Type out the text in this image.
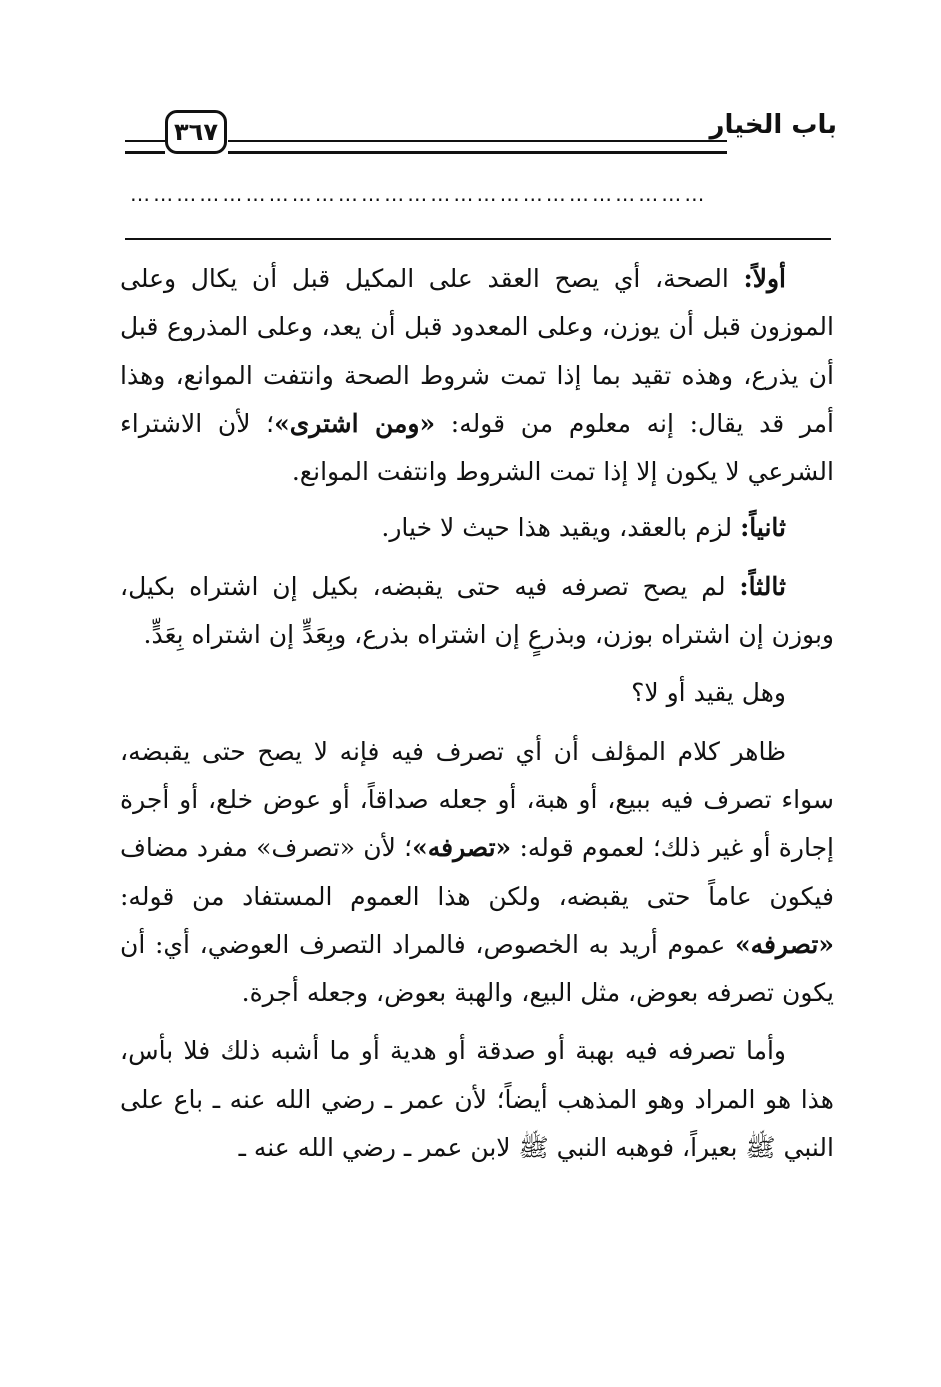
باب الخيار
٣٦٧
…………………………………………………………………

أولاً: الصحة، أي يصح العقد على المكيل قبل أن يكال وعلى الموزون قبل أن يوزن، وعلى المعدود قبل أن يعد، وعلى المذروع قبل أن يذرع، وهذه تقيد بما إذا تمت شروط الصحة وانتفت الموانع، وهذا أمر قد يقال: إنه معلوم من قوله: «ومن اشترى»؛ لأن الاشتراء الشرعي لا يكون إلا إذا تمت الشروط وانتفت الموانع.

ثانياً: لزم بالعقد، ويقيد هذا حيث لا خيار.

ثالثاً: لم يصح تصرفه فيه حتى يقبضه، بكيل إن اشتراه بكيل، وبوزن إن اشتراه بوزن، وبذرعٍ إن اشتراه بذرع، وبِعَدٍّ إن اشتراه بِعَدٍّ.

وهل يقيد أو لا؟

ظاهر كلام المؤلف أن أي تصرف فيه فإنه لا يصح حتى يقبضه، سواء تصرف فيه ببيع، أو هبة، أو جعله صداقاً، أو عوض خلع، أو أجرة إجارة أو غير ذلك؛ لعموم قوله: «تصرفه»؛ لأن «تصرف» مفرد مضاف فيكون عاماً حتى يقبضه، ولكن هذا العموم المستفاد من قوله: «تصرفه» عموم أريد به الخصوص، فالمراد التصرف العوضي، أي: أن يكون تصرفه بعوض، مثل البيع، والهبة بعوض، وجعله أجرة.

وأما تصرفه فيه بهبة أو صدقة أو هدية أو ما أشبه ذلك فلا بأس، هذا هو المراد وهو المذهب أيضاً؛ لأن عمر ـ رضي الله عنه ـ باع على النبي ﷺ بعيراً، فوهبه النبي ﷺ لابن عمر ـ رضي الله عنه ـ
